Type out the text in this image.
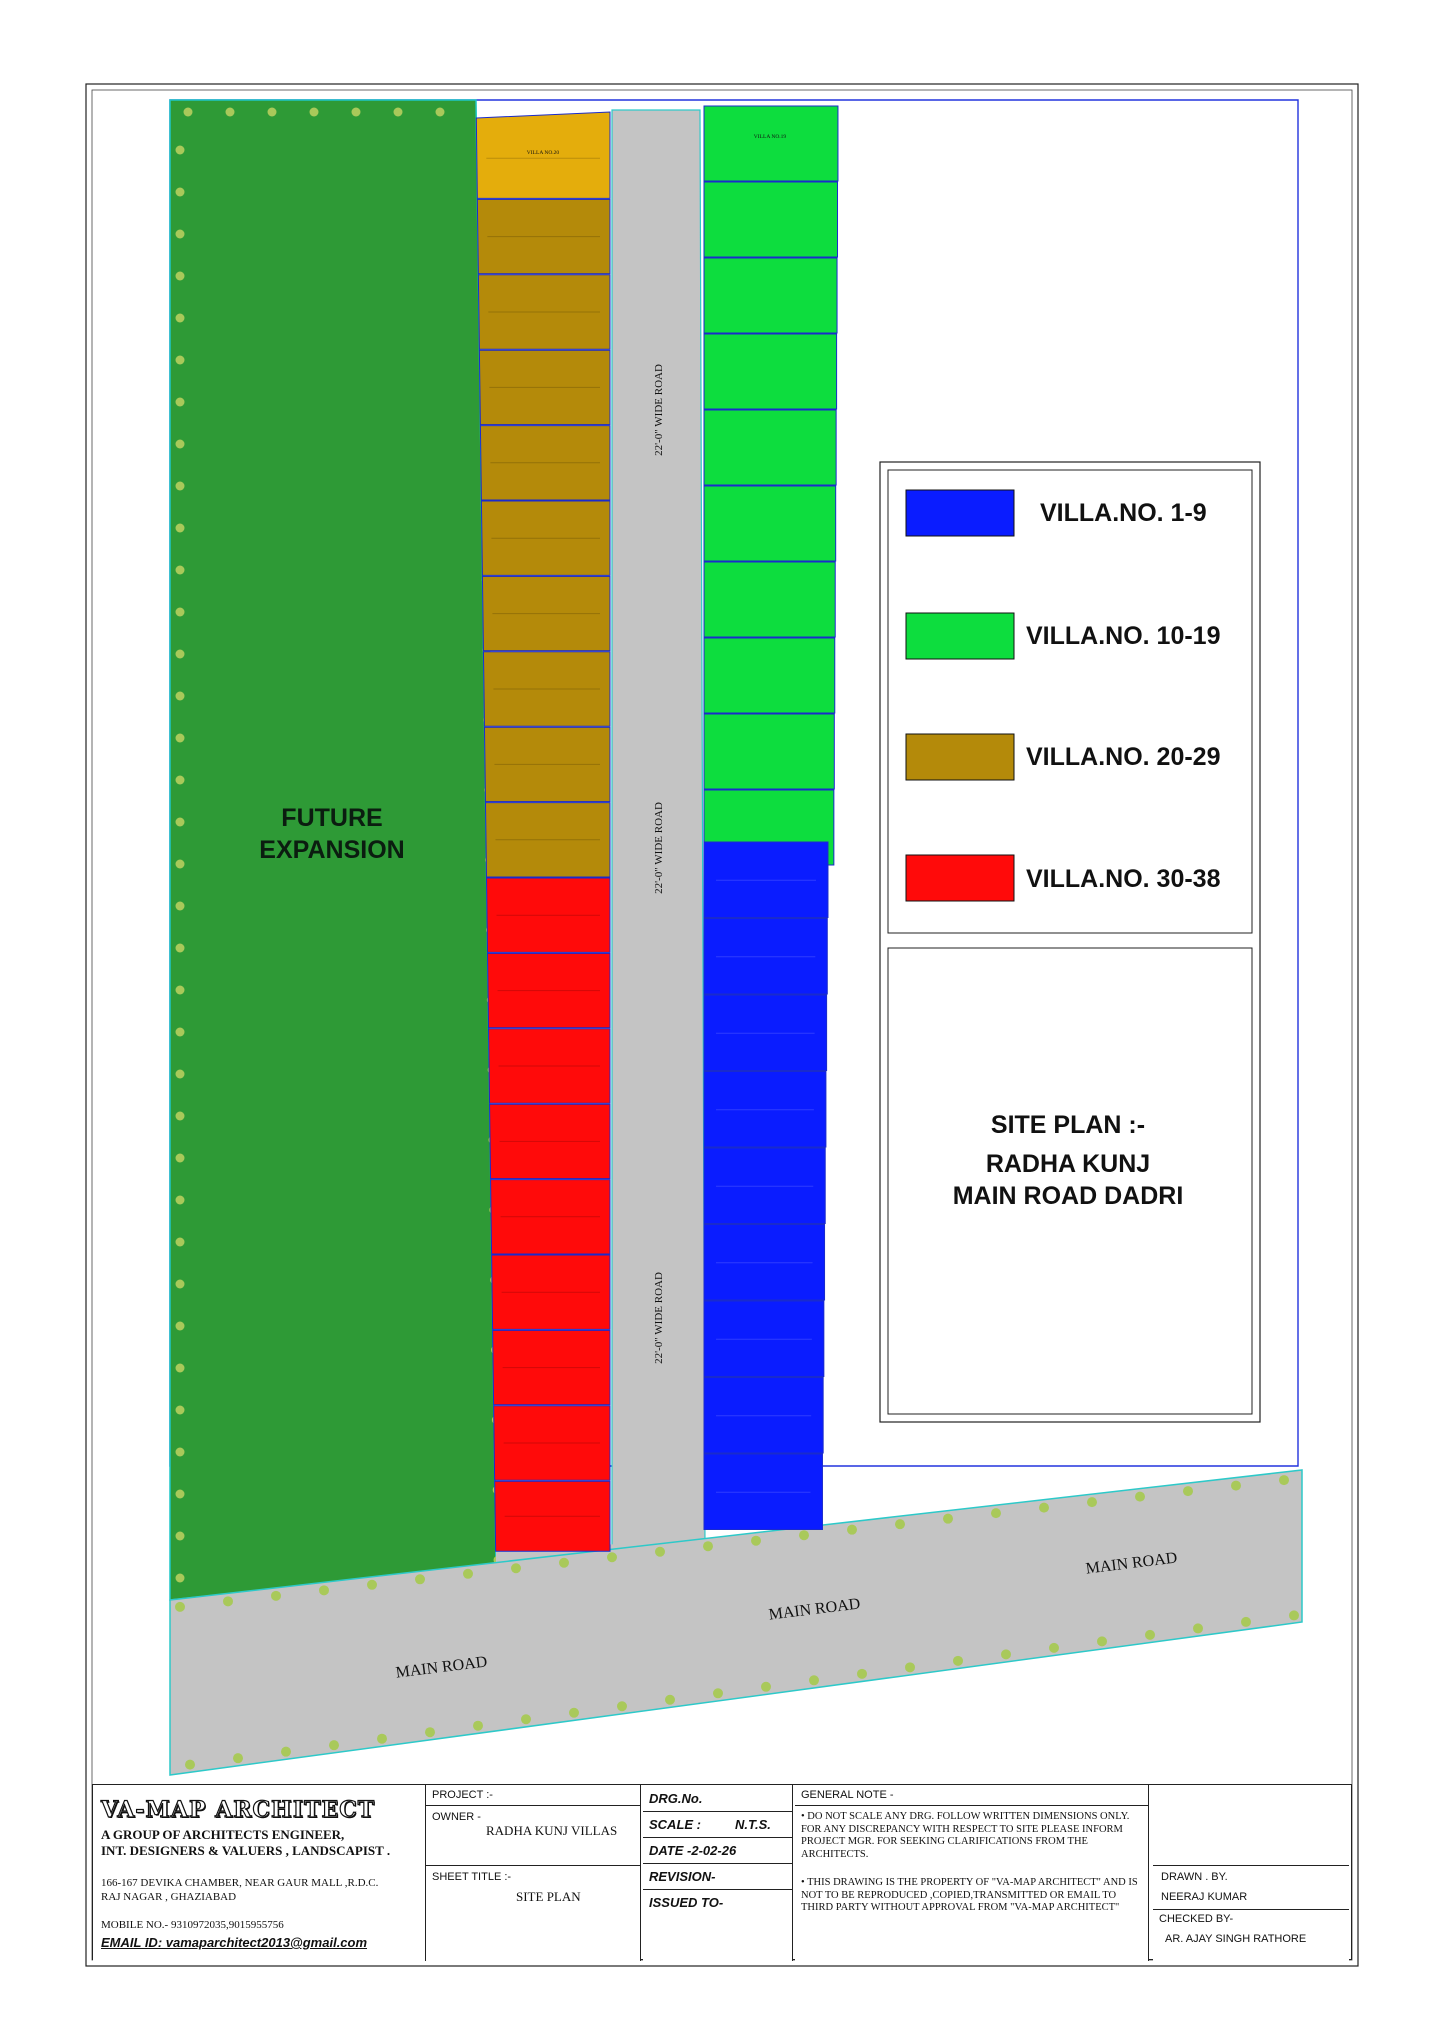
VILLA NO.20
VILLA NO.19
FUTURE
EXPANSION
22'-0" WIDE ROAD
22'-0" WIDE ROAD
22'-0" WIDE ROAD
MAIN ROAD
MAIN ROAD
MAIN ROAD
VILLA.NO. 1-9
VILLA.NO. 10-19
VILLA.NO. 20-29
VILLA.NO. 30-38
SITE PLAN :-
RADHA KUNJ
MAIN ROAD DADRI
VA-MAP ARCHITECT
A GROUP OF ARCHITECTS ENGINEER,
INT. DESIGNERS & VALUERS , LANDSCAPIST .
166-167 DEVIKA CHAMBER, NEAR GAUR MALL ,R.D.C.
RAJ NAGAR , GHAZIABAD
MOBILE NO.- 9310972035,9015955756
EMAIL ID: vamaparchitect2013@gmail.com
PROJECT :-
OWNER -
RADHA KUNJ VILLAS
SHEET TITLE :-
SITE PLAN
DRG.No.
SCALE :	N.T.S.
DATE -2-02-26
REVISION-
ISSUED TO-
GENERAL NOTE -
• DO NOT SCALE ANY DRG. FOLLOW WRITTEN DIMENSIONS ONLY. FOR ANY DISCREPANCY WITH RESPECT TO SITE PLEASE INFORM PROJECT MGR. FOR SEEKING CLARIFICATIONS FROM THE ARCHITECTS.
• THIS DRAWING IS THE PROPERTY OF "VA-MAP ARCHITECT" AND IS NOT TO BE REPRODUCED ,COPIED,TRANSMITTED OR EMAIL TO THIRD PARTY WITHOUT APPROVAL FROM "VA-MAP ARCHITECT"
DRAWN . BY.
NEERAJ KUMAR
CHECKED BY-
AR. AJAY SINGH RATHORE
